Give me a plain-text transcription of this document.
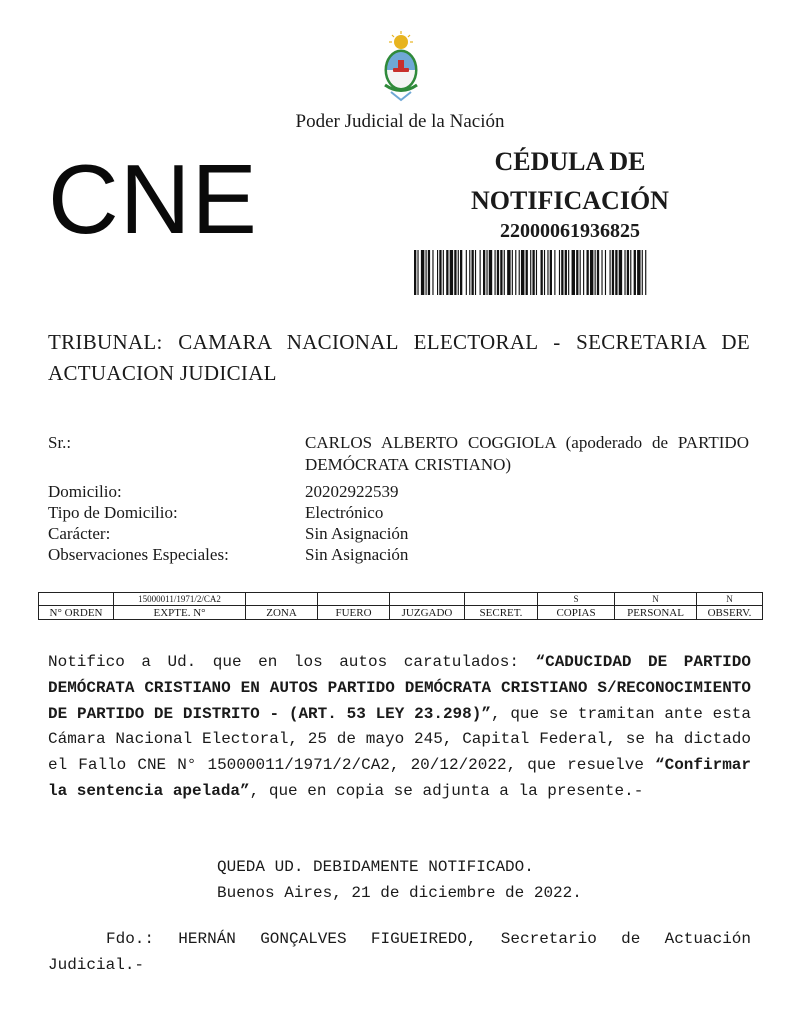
Poder Judicial de la Nación
CNE	CÉDULA DE
NOTIFICACIÓN
22000061936825
TRIBUNAL: CAMARA NACIONAL ELECTORAL - SECRETARIA DE ACTUACION JUDICIAL
Sr.:	CARLOS ALBERTO COGGIOLA (apoderado de PARTIDO DEMÓCRATA CRISTIANO)
Domicilio:	20202922539
Tipo de Domicilio:	Electrónico
Carácter:	Sin Asignación
Observaciones Especiales:	Sin Asignación
	15000011/1971/2/CA2					S	N	N
N° ORDEN	EXPTE. N°	ZONA	FUERO	JUZGADO	SECRET.	COPIAS	PERSONAL	OBSERV.
Notifico a Ud. que en los autos caratulados: “CADUCIDAD DE PARTIDO DEMÓCRATA CRISTIANO EN AUTOS PARTIDO DEMÓCRATA CRISTIANO S/RECONOCIMIENTO DE PARTIDO DE DISTRITO - (ART. 53 LEY 23.298)”, que se tramitan ante esta Cámara Nacional Electoral, 25 de mayo 245, Capital Federal, se ha dictado el Fallo CNE N° 15000011/1971/2/CA2, 20/12/2022, que resuelve “Confirmar la sentencia apelada”, que en copia se adjunta a la presente.-
QUEDA UD. DEBIDAMENTE NOTIFICADO.
Buenos Aires, 21 de diciembre de 2022.
Fdo.: HERNÁN GONÇALVES FIGUEIREDO, Secretario de Actuación Judicial.-
